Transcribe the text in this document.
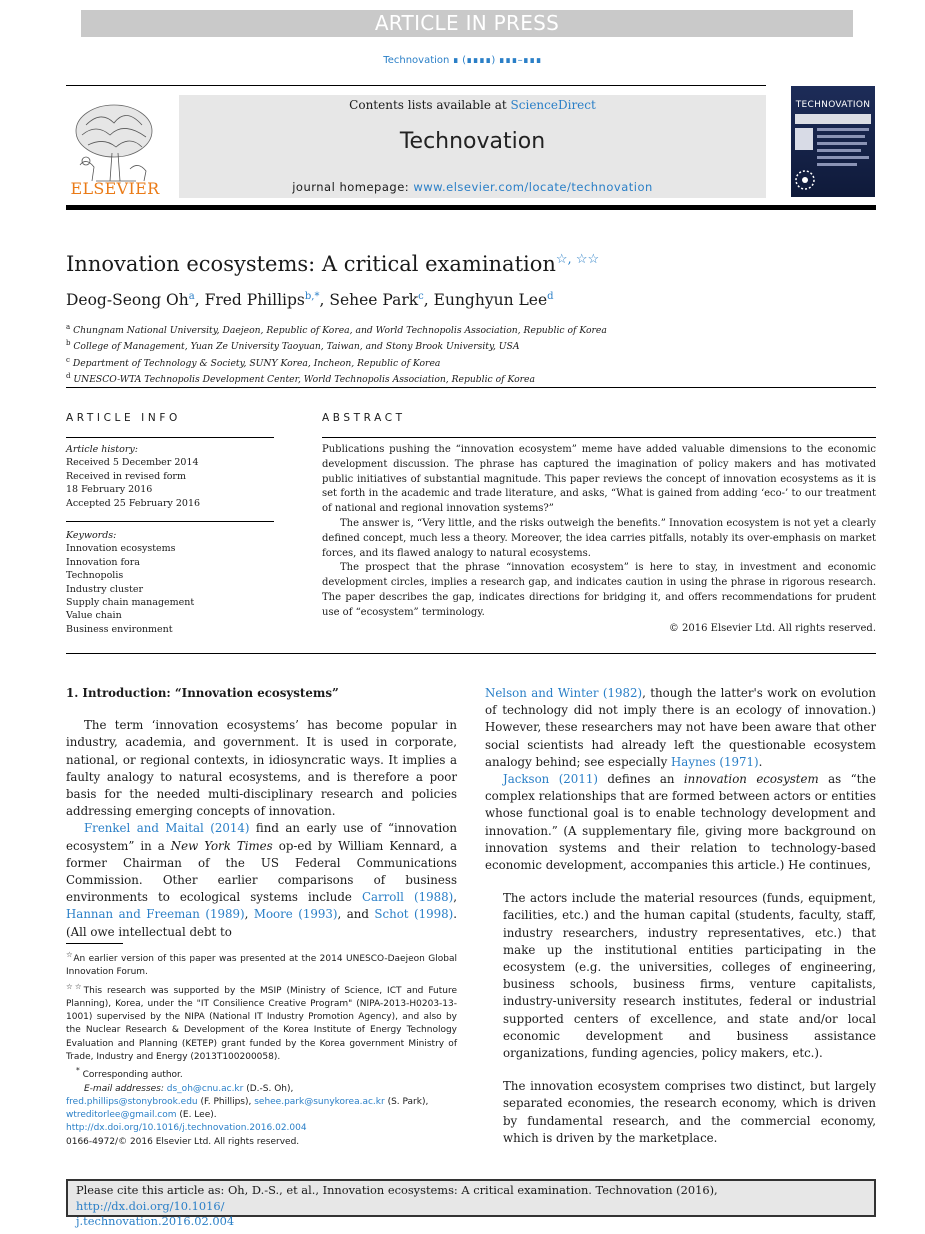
ARTICLE IN PRESS
Technovation ∎ (∎∎∎∎) ∎∎∎–∎∎∎
ELSEVIER
Contents lists available at ScienceDirect
Technovation
journal homepage: www.elsevier.com/locate/technovation
TECHNOVATION
Innovation ecosystems: A critical examination☆, ☆☆
Deog-Seong Oh$^a$, Fred Phillips$^{b,*}$, Sehee Park$^c$, Eunghyun Lee$^d$
$^a$ Chungnam National University, Daejeon, Republic of Korea, and World Technopolis Association, Republic of Korea
$^b$ College of Management, Yuan Ze University Taoyuan, Taiwan, and Stony Brook University, USA
$^c$ Department of Technology & Society, SUNY Korea, Incheon, Republic of Korea
$^d$ UNESCO-WTA Technopolis Development Center, World Technopolis Association, Republic of Korea
ARTICLE INFO	ABSTRACT
Article history:
Received 5 December 2014
Received in revised form
18 February 2016
Accepted 25 February 2016
Keywords:
Innovation ecosystems
Innovation fora
Technopolis
Industry cluster
Supply chain management
Value chain
Business environment

Publications pushing the “innovation ecosystem” meme have added valuable dimensions to the economic development discussion. The phrase has captured the imagination of policy makers and has motivated public initiatives of substantial magnitude. This paper reviews the concept of innovation ecosystems as it is set forth in the academic and trade literature, and asks, “What is gained from adding ‘eco-’ to our treatment of national and regional innovation systems?”

The answer is, “Very little, and the risks outweigh the benefits.” Innovation ecosystem is not yet a clearly defined concept, much less a theory. Moreover, the idea carries pitfalls, notably its over-emphasis on market forces, and its flawed analogy to natural ecosystems.

The prospect that the phrase “innovation ecosystem” is here to stay, in investment and economic development circles, implies a research gap, and indicates caution in using the phrase in rigorous research. The paper describes the gap, indicates directions for bridging it, and offers recommendations for prudent use of “ecosystem” terminology.

© 2016 Elsevier Ltd. All rights reserved.

1. Introduction: “Innovation ecosystems”

The term ‘innovation ecosystems’ has become popular in industry, academia, and government. It is used in corporate, national, or regional contexts, in idiosyncratic ways. It implies a faulty analogy to natural ecosystems, and is therefore a poor basis for the needed multi-disciplinary research and policies addressing emerging concepts of innovation.

Frenkel and Maital (2014) find an early use of “innovation ecosystem” in a New York Times op-ed by William Kennard, a former Chairman of the US Federal Communications Commission. Other earlier comparisons of business environments to ecological systems include Carroll (1988), Hannan and Freeman (1989), Moore (1993), and Schot (1998). (All owe intellectual debt to

☆An earlier version of this paper was presented at the 2014 UNESCO-Daejeon Global Innovation Forum.
☆☆This research was supported by the MSIP (Ministry of Science, ICT and Future Planning), Korea, under the "IT Consilience Creative Program" (NIPA-2013-H0203-13-1001) supervised by the NIPA (National IT Industry Promotion Agency), and also by the Nuclear Research & Development of the Korea Institute of Energy Technology Evaluation and Planning (KETEP) grant funded by the Korea government Ministry of Trade, Industry and Energy (2013T100200058).
* Corresponding author.
E-mail addresses: ds_oh@cnu.ac.kr (D.-S. Oh),
fred.phillips@stonybrook.edu (F. Phillips), sehee.park@sunykorea.ac.kr (S. Park),
wtreditorlee@gmail.com (E. Lee).
http://dx.doi.org/10.1016/j.technovation.2016.02.004
0166-4972/© 2016 Elsevier Ltd. All rights reserved.

Nelson and Winter (1982), though the latter's work on evolution of technology did not imply there is an ecology of innovation.) However, these researchers may not have been aware that other social scientists had already left the questionable ecosystem analogy behind; see especially Haynes (1971).

Jackson (2011) defines an innovation ecosystem as “the complex relationships that are formed between actors or entities whose functional goal is to enable technology development and innovation.” (A supplementary file, giving more background on innovation systems and their relation to technology-based economic development, accompanies this article.) He continues,

The actors include the material resources (funds, equipment, facilities, etc.) and the human capital (students, faculty, staff, industry researchers, industry representatives, etc.) that make up the institutional entities participating in the ecosystem (e.g. the universities, colleges of engineering, business schools, business firms, venture capitalists, industry-university research institutes, federal or industrial supported centers of excellence, and state and/or local economic development and business assistance organizations, funding agencies, policy makers, etc.).

The innovation ecosystem comprises two distinct, but largely separated economies, the research economy, which is driven by fundamental research, and the commercial economy, which is driven by the marketplace.

Please cite this article as: Oh, D.-S., et al., Innovation ecosystems: A critical examination. Technovation (2016), http://dx.doi.org/10.1016/
j.technovation.2016.02.004
